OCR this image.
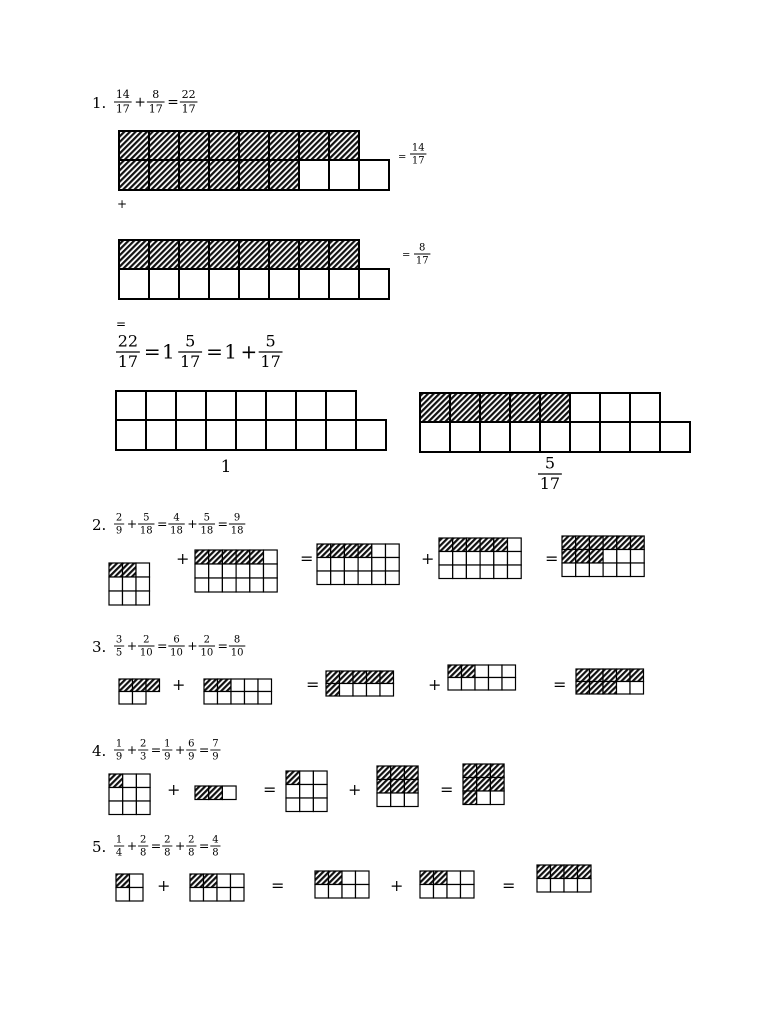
1. 14
17 + 8
17 = 22
17
=
14
17
+
=
8
17
=
22
17 = 1 5
17 = 1 + 5
17
1	5
17
2. 2
9 + 5
18 = 4
18 + 5
18 = 9
18
+	=	+	=
3. 3
5 + 2
10 = 6
10 + 2
10 = 8
10
+	=	+	=
4. 1
9 + 2
3 = 1
9 + 6
9 = 7
9
+	=	+	=
5. 1
4 + 2
8 = 2
8 + 2
8 = 4
8
+	=	+	=
